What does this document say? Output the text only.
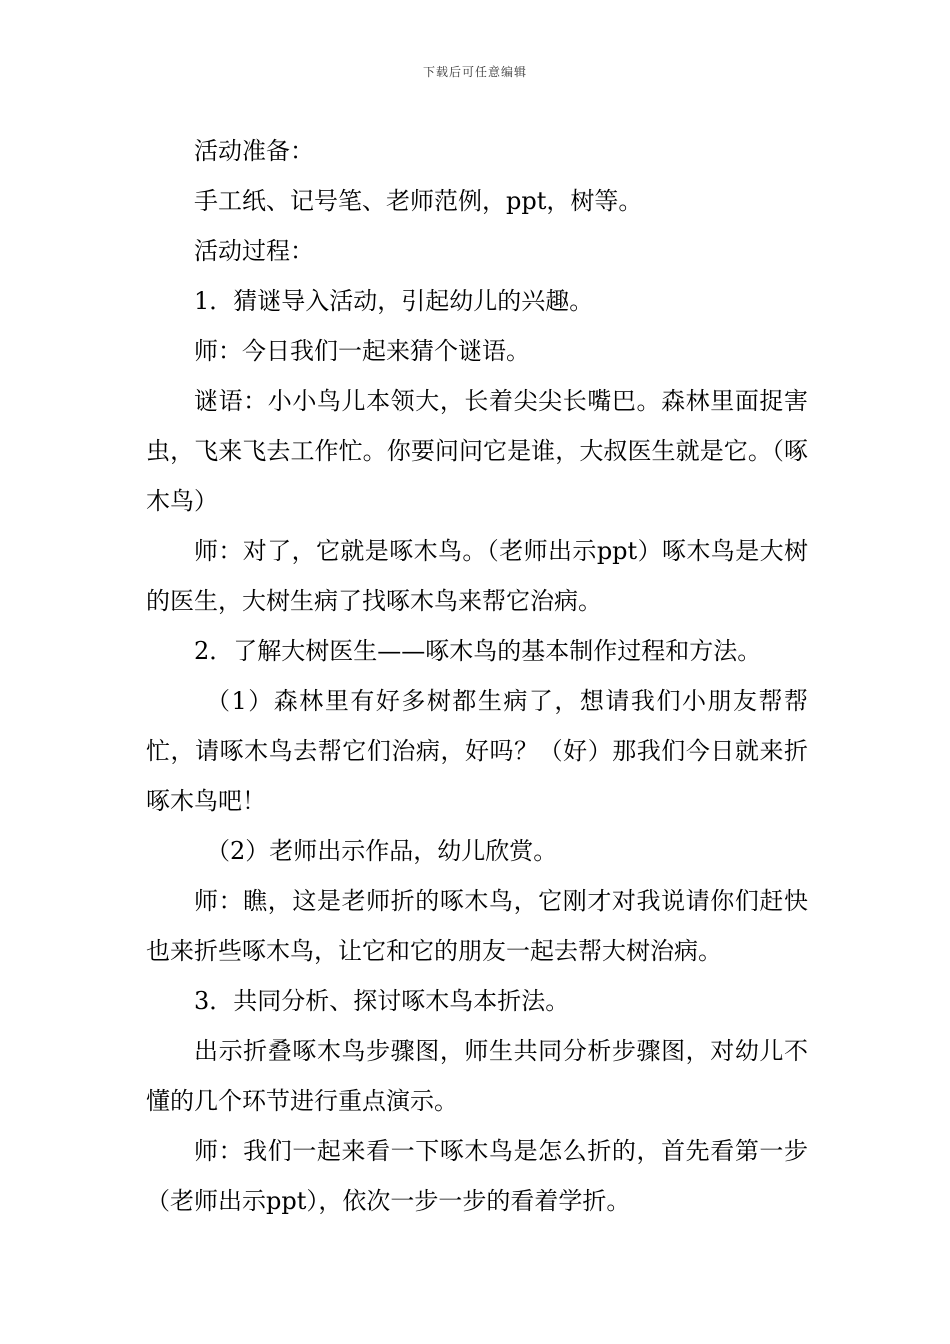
下载后可任意编辑

活动准备：

手工纸、记号笔、老师范例，ppt，树等。

活动过程：

1．猜谜导入活动，引起幼儿的兴趣。

师：今日我们一起来猜个谜语。

谜语：小小鸟儿本领大，长着尖尖长嘴巴。森林里面捉害虫，飞来飞去工作忙。你要问问它是谁，大叔医生就是它。（啄木鸟）

师：对了，它就是啄木鸟。（老师出示ppt）啄木鸟是大树的医生，大树生病了找啄木鸟来帮它治病。

2．了解大树医生——啄木鸟的基本制作过程和方法。

（1）森林里有好多树都生病了，想请我们小朋友帮帮忙，请啄木鸟去帮它们治病，好吗？（好）那我们今日就来折啄木鸟吧！

（2）老师出示作品，幼儿欣赏。

师：瞧，这是老师折的啄木鸟，它刚才对我说请你们赶快也来折些啄木鸟，让它和它的朋友一起去帮大树治病。

3．共同分析、探讨啄木鸟本折法。

出示折叠啄木鸟步骤图，师生共同分析步骤图，对幼儿不懂的几个环节进行重点演示。

师：我们一起来看一下啄木鸟是怎么折的，首先看第一步（老师出示ppt），依次一步一步的看着学折。
